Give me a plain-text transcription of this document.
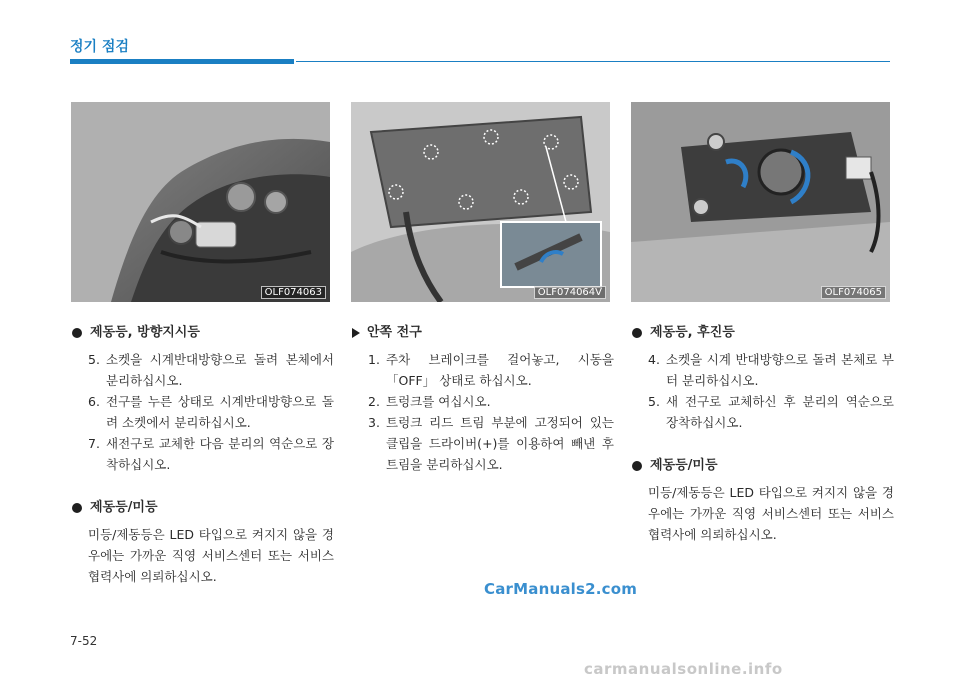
정기 점검
OLF074063	OLF074064V	OLF074065
제동등, 방향지시등
5. 소켓을 시계반대방향으로 돌려 본체에서 분리하십시오.
6. 전구를 누른 상태로 시계반대방향으로 돌려 소켓에서 분리하십시오.
7. 새전구로 교체한 다음 분리의 역순으로 장착하십시오.
제동등/미등
미등/제동등은 LED 타입으로 켜지지 않을 경우에는 가까운 직영 서비스센터 또는 서비스 협력사에 의뢰하십시오.
안쪽 전구
1. 주차 브레이크를 걸어놓고, 시동을 「OFF」 상태로 하십시오.
2. 트렁크를 여십시오.
3. 트렁크 리드 트림 부분에 고정되어 있는 클립을 드라이버(+)를 이용하여 빼낸 후 트림을 분리하십시오.
제동등, 후진등
4. 소켓을 시계 반대방향으로 돌려 본체로 부터 분리하십시오.
5. 새 전구로 교체하신 후 분리의 역순으로 장착하십시오.
제동등/미등
미등/제동등은 LED 타입으로 켜지지 않을 경우에는 가까운 직영 서비스센터 또는 서비스 협력사에 의뢰하십시오.
CarManuals2.com
7-52
carmanualsonline.info
